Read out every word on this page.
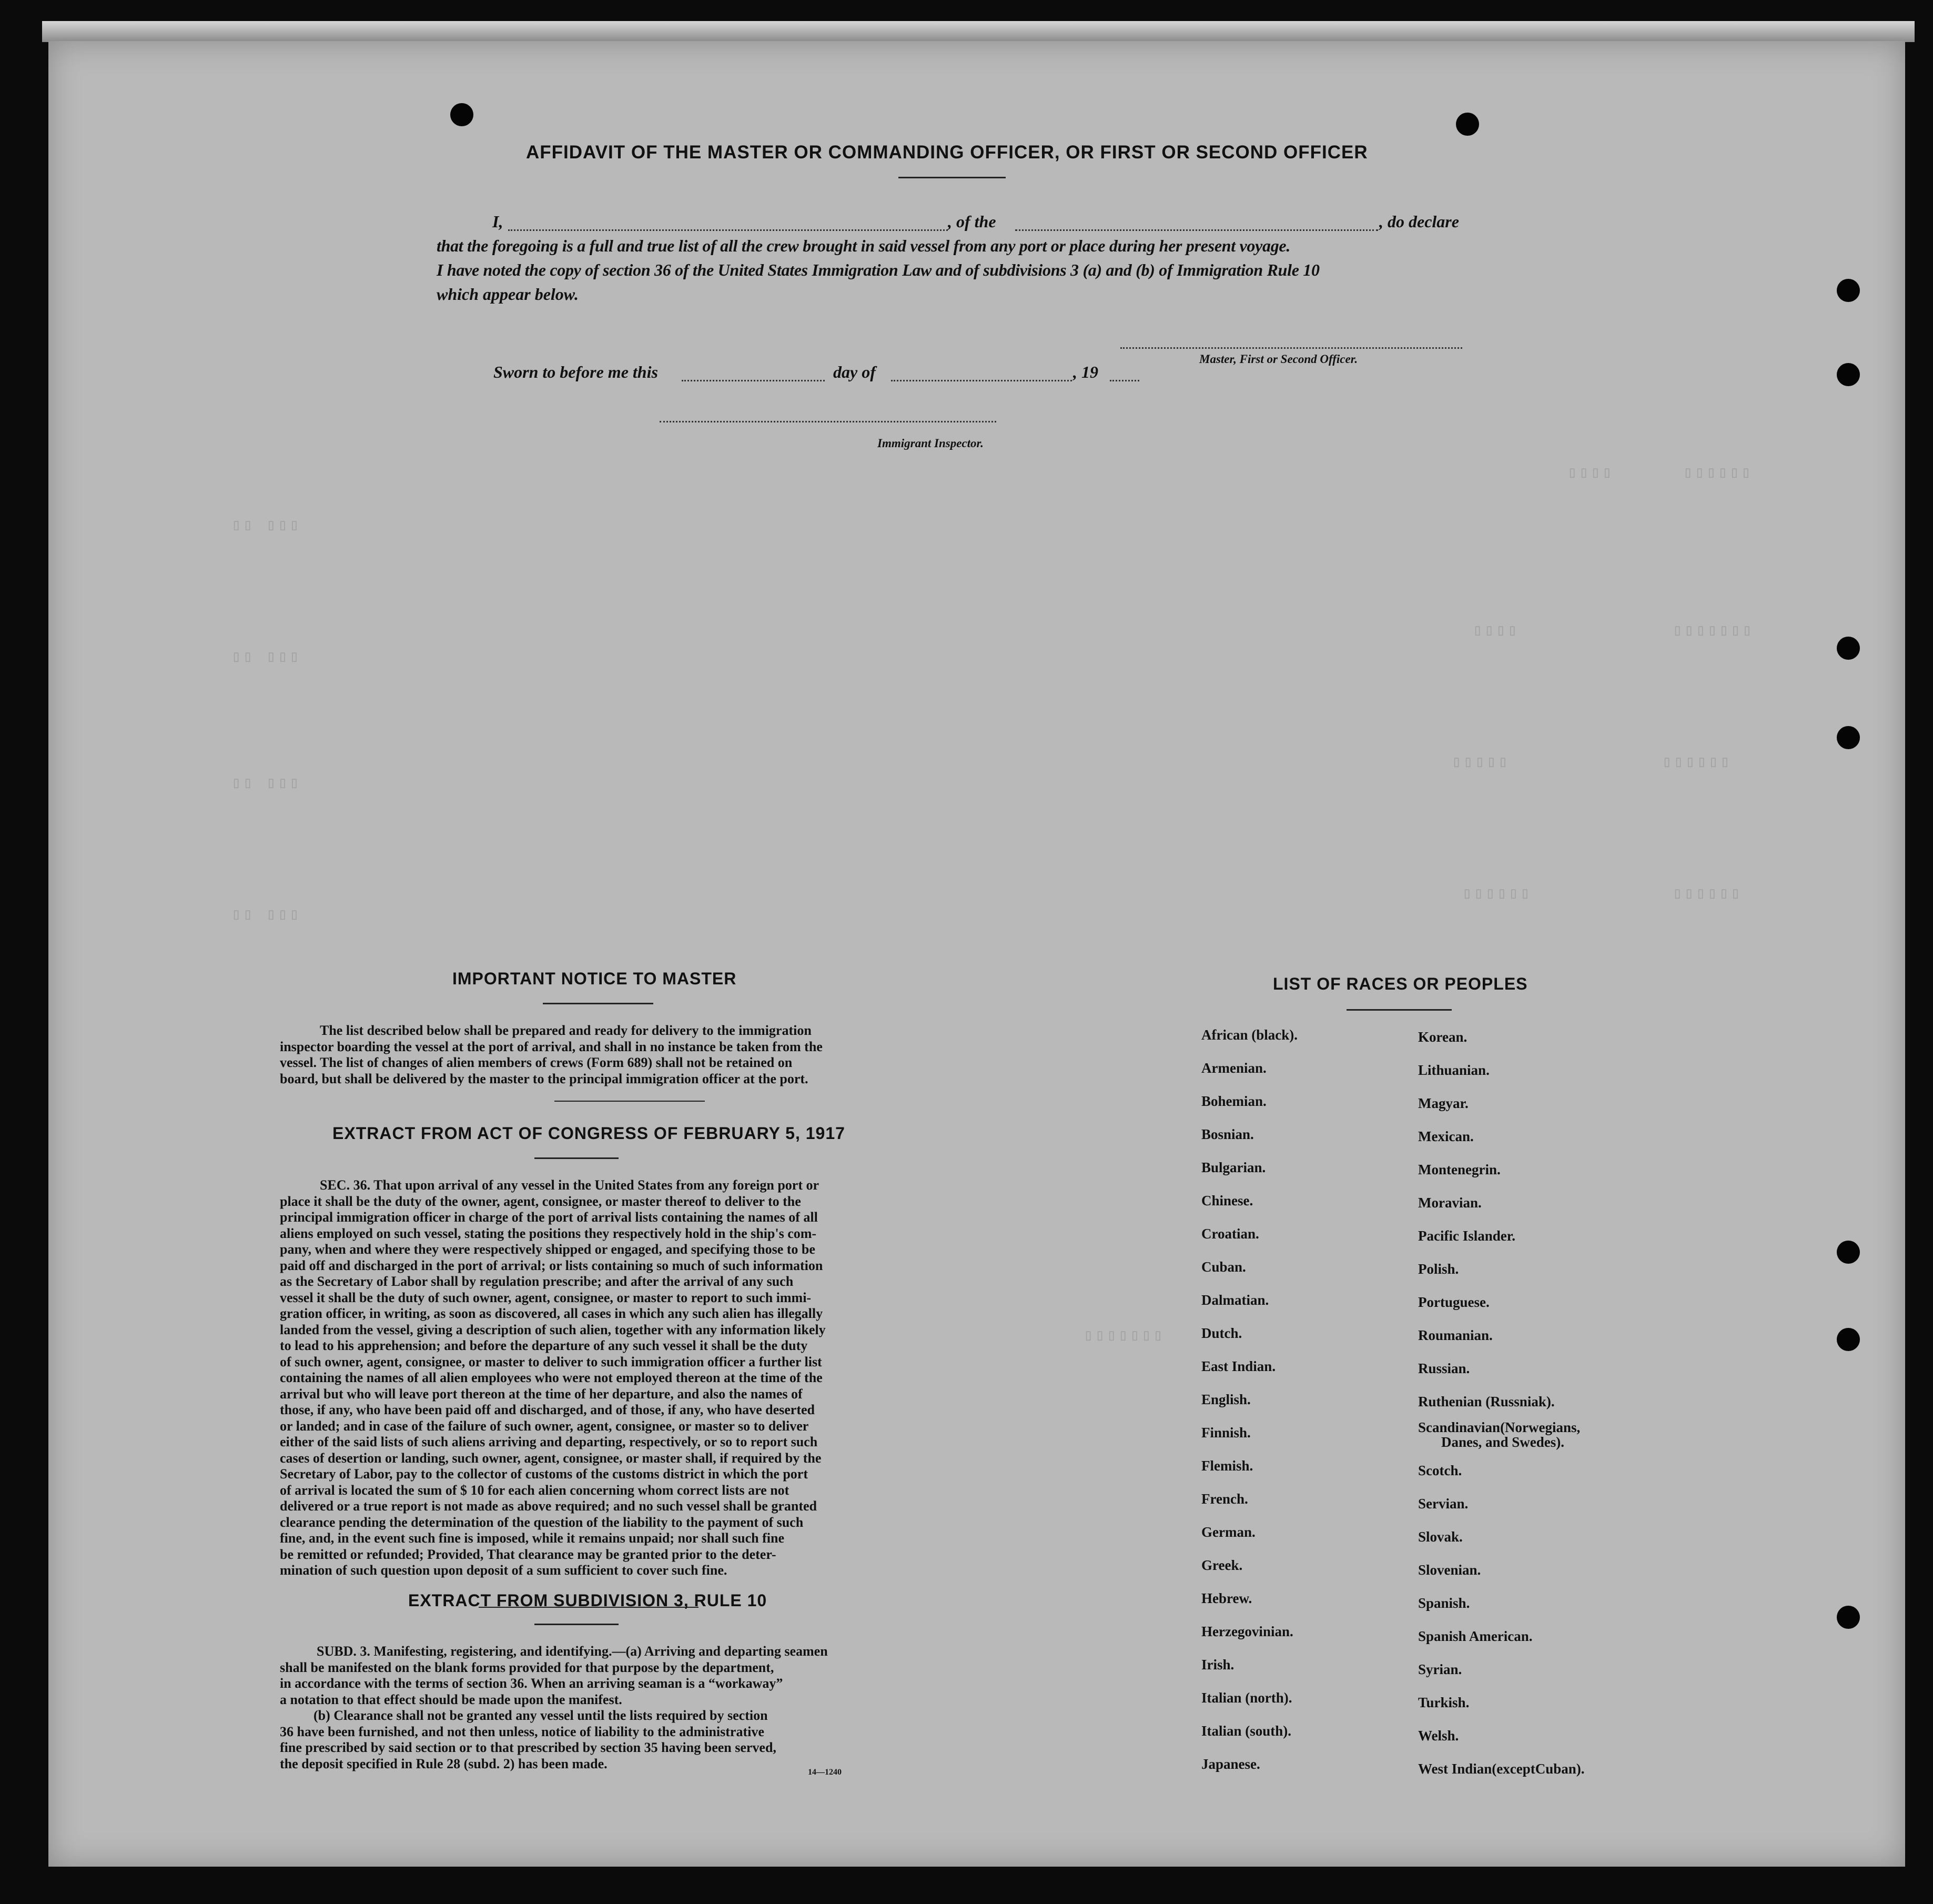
▯▯▯▯	▯▯▯▯▯▯
▯▯▯▯	▯▯▯▯▯▯▯
▯▯▯▯▯	▯▯▯▯▯▯
▯▯▯▯▯▯	▯▯▯▯▯▯
▯▯ ▯▯▯
▯▯ ▯▯▯
▯▯ ▯▯▯
▯▯ ▯▯▯
▯▯▯▯▯▯▯
AFFIDAVIT OF THE MASTER OR COMMANDING OFFICER, OR FIRST OR SECOND OFFICER
I,	, of the	, do declare
that the foregoing is a full and true list of all the crew brought in said vessel from any port or place during her present voyage.
I have noted the copy of section 36 of the United States Immigration Law and of subdivisions 3 (a) and (b) of Immigration Rule 10
which appear below.
Master, First or Second Officer.
Sworn to before me this	day of	, 19
Immigrant Inspector.
IMPORTANT NOTICE TO MASTER
The list described below shall be prepared and ready for delivery to the immigration
inspector boarding the vessel at the port of arrival, and shall in no instance be taken from the
vessel. The list of changes of alien members of crews (Form 689) shall not be retained on
board, but shall be delivered by the master to the principal immigration officer at the port.
EXTRACT FROM ACT OF CONGRESS OF FEBRUARY 5, 1917
SEC. 36. That upon arrival of any vessel in the United States from any foreign port or
place it shall be the duty of the owner, agent, consignee, or master thereof to deliver to the
principal immigration officer in charge of the port of arrival lists containing the names of all
aliens employed on such vessel, stating the positions they respectively hold in the ship's com-
pany, when and where they were respectively shipped or engaged, and specifying those to be
paid off and discharged in the port of arrival; or lists containing so much of such information
as the Secretary of Labor shall by regulation prescribe; and after the arrival of any such
vessel it shall be the duty of such owner, agent, consignee, or master to report to such immi-
gration officer, in writing, as soon as discovered, all cases in which any such alien has illegally
landed from the vessel, giving a description of such alien, together with any information likely
to lead to his apprehension; and before the departure of any such vessel it shall be the duty
of such owner, agent, consignee, or master to deliver to such immigration officer a further list
containing the names of all alien employees who were not employed thereon at the time of the
arrival but who will leave port thereon at the time of her departure, and also the names of
those, if any, who have been paid off and discharged, and of those, if any, who have deserted
or landed; and in case of the failure of such owner, agent, consignee, or master so to deliver
either of the said lists of such aliens arriving and departing, respectively, or so to report such
cases of desertion or landing, such owner, agent, consignee, or master shall, if required by the
Secretary of Labor, pay to the collector of customs of the customs district in which the port
of arrival is located the sum of $ 10 for each alien concerning whom correct lists are not
delivered or a true report is not made as above required; and no such vessel shall be granted
clearance pending the determination of the question of the liability to the payment of such
fine, and, in the event such fine is imposed, while it remains unpaid; nor shall such fine
be remitted or refunded; Provided, That clearance may be granted prior to the deter-
mination of such question upon deposit of a sum sufficient to cover such fine.
EXTRACT FROM SUBDIVISION 3, RULE 10
SUBD. 3. Manifesting, registering, and identifying.—(a) Arriving and departing seamen
shall be manifested on the blank forms provided for that purpose by the department,
in accordance with the terms of section 36. When an arriving seaman is a “workaway”
a notation to that effect should be made upon the manifest.
(b) Clearance shall not be granted any vessel until the lists required by section
36 have been furnished, and not then unless, notice of liability to the administrative
fine prescribed by said section or to that prescribed by section 35 having been served,
the deposit specified in Rule 28 (subd. 2) has been made.
14—1240
LIST OF RACES OR PEOPLES
African (black).
Armenian.
Bohemian.
Bosnian.
Bulgarian.
Chinese.
Croatian.
Cuban.
Dalmatian.
Dutch.
East Indian.
English.
Finnish.
Flemish.
French.
German.
Greek.
Hebrew.
Herzegovinian.
Irish.
Italian (north).
Italian (south).
Japanese.
Korean.
Lithuanian.
Magyar.
Mexican.
Montenegrin.
Moravian.
Pacific Islander.
Polish.
Portuguese.
Roumanian.
Russian.
Ruthenian (Russniak).
Scandinavian(Norwegians,
Danes, and Swedes).
Scotch.
Servian.
Slovak.
Slovenian.
Spanish.
Spanish American.
Syrian.
Turkish.
Welsh.
West Indian(exceptCuban).
